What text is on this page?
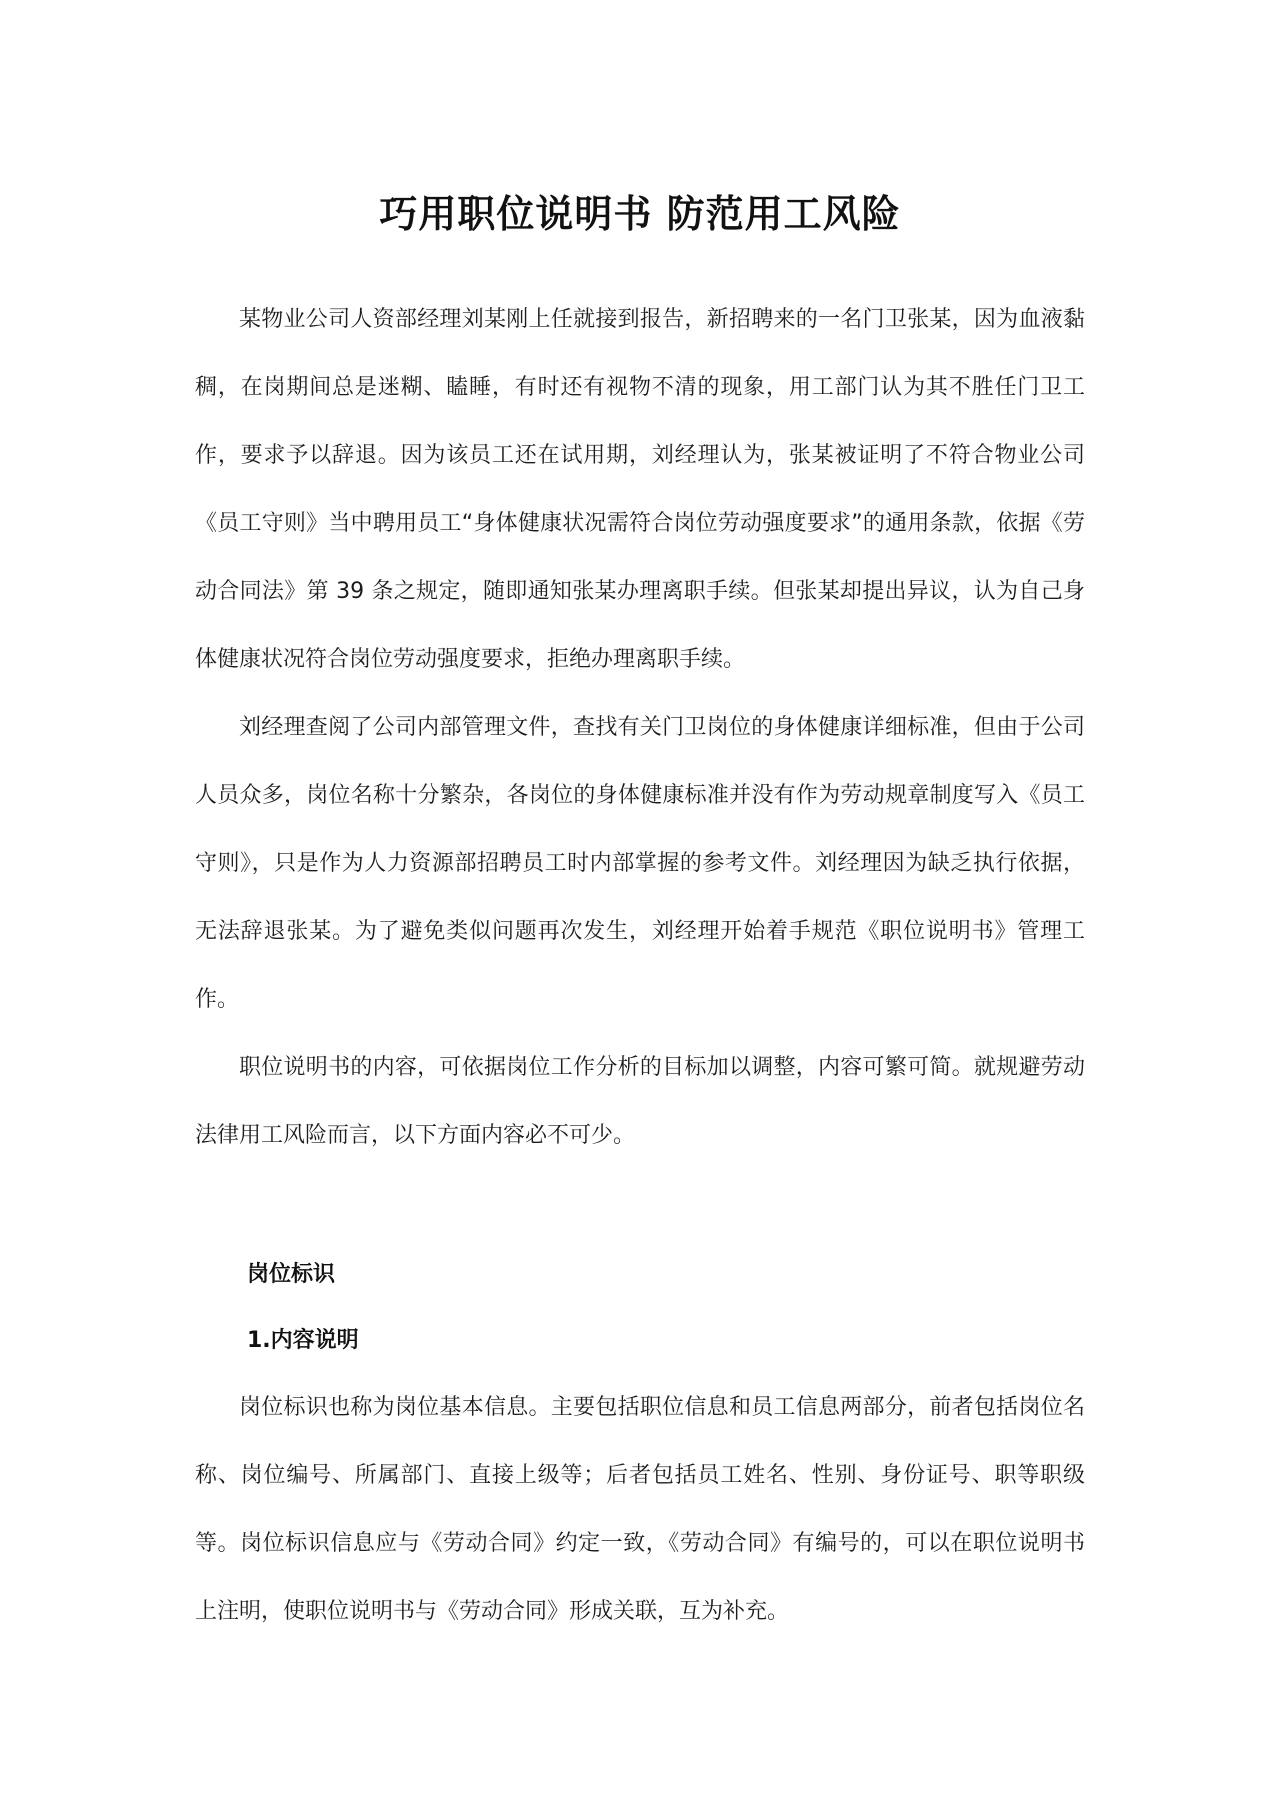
巧用职位说明书 防范用工风险

某物业公司人资部经理刘某刚上任就接到报告，新招聘来的一名门卫张某，因为血液黏稠，在岗期间总是迷糊、瞌睡，有时还有视物不清的现象，用工部门认为其不胜任门卫工作，要求予以辞退。因为该员工还在试用期，刘经理认为，张某被证明了不符合物业公司《员工守则》当中聘用员工“身体健康状况需符合岗位劳动强度要求”的通用条款，依据《劳动合同法》第 39 条之规定，随即通知张某办理离职手续。但张某却提出异议，认为自己身体健康状况符合岗位劳动强度要求，拒绝办理离职手续。

刘经理查阅了公司内部管理文件，查找有关门卫岗位的身体健康详细标准，但由于公司人员众多，岗位名称十分繁杂，各岗位的身体健康标准并没有作为劳动规章制度写入《员工守则》，只是作为人力资源部招聘员工时内部掌握的参考文件。刘经理因为缺乏执行依据，无法辞退张某。为了避免类似问题再次发生，刘经理开始着手规范《职位说明书》管理工作。

职位说明书的内容，可依据岗位工作分析的目标加以调整，内容可繁可简。就规避劳动法律用工风险而言，以下方面内容必不可少。

岗位标识
1.内容说明

岗位标识也称为岗位基本信息。主要包括职位信息和员工信息两部分，前者包括岗位名称、岗位编号、所属部门、直接上级等；后者包括员工姓名、性别、身份证号、职等职级等。岗位标识信息应与《劳动合同》约定一致，《劳动合同》有编号的，可以在职位说明书上注明，使职位说明书与《劳动合同》形成关联，互为补充。
